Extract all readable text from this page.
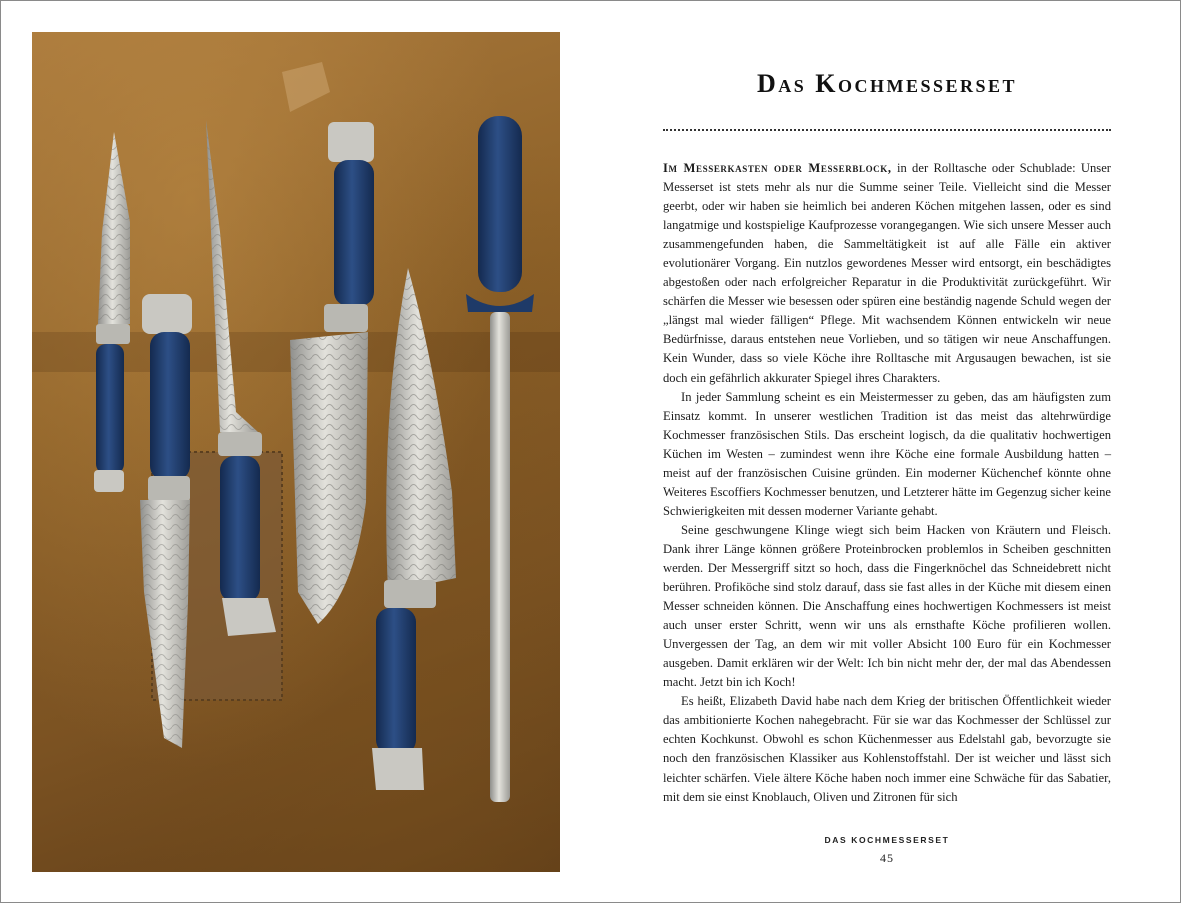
Das Kochmesserset

Im Messerkasten oder Messerblock, in der Rolltasche oder Schublade: Unser Messerset ist stets mehr als nur die Summe seiner Teile. Vielleicht sind die Messer geerbt, oder wir haben sie heimlich bei anderen Köchen mitgehen lassen, oder es sind langatmige und kostspielige Kaufprozesse vorangegangen. Wie sich unsere Messer auch zusammengefunden haben, die Sammeltätigkeit ist auf alle Fälle ein aktiver evolutionärer Vorgang. Ein nutzlos gewordenes Messer wird entsorgt, ein beschädigtes abgestoßen oder nach erfolgreicher Reparatur in die Produktivität zurückgeführt. Wir schärfen die Messer wie besessen oder spüren eine beständig nagende Schuld wegen der „längst mal wieder fälligen“ Pflege. Mit wachsendem Können entwickeln wir neue Bedürfnisse, daraus entstehen neue Vorlieben, und so tätigen wir neue Anschaffungen. Kein Wunder, dass so viele Köche ihre Rolltasche mit Argusaugen bewachen, ist sie doch ein gefährlich akkurater Spiegel ihres Charakters.

In jeder Sammlung scheint es ein Meistermesser zu geben, das am häufigsten zum Einsatz kommt. In unserer westlichen Tradition ist das meist das altehrwürdige Kochmesser französischen Stils. Das erscheint logisch, da die qualitativ hochwertigen Küchen im Westen – zumindest wenn ihre Köche eine formale Ausbildung hatten – meist auf der französischen Cuisine gründen. Ein moderner Küchenchef könnte ohne Weiteres Escoffiers Kochmesser benutzen, und Letzterer hätte im Gegenzug sicher keine Schwierigkeiten mit dessen moderner Variante gehabt.

Seine geschwungene Klinge wiegt sich beim Hacken von Kräutern und Fleisch. Dank ihrer Länge können größere Proteinbrocken problemlos in Scheiben geschnitten werden. Der Messergriff sitzt so hoch, dass die Fingerknöchel das Schneidebrett nicht berühren. Profiköche sind stolz darauf, dass sie fast alles in der Küche mit diesem einen Messer schneiden können. Die Anschaffung eines hochwertigen Kochmessers ist meist auch unser erster Schritt, wenn wir uns als ernsthafte Köche profilieren wollen. Unvergessen der Tag, an dem wir mit voller Absicht 100 Euro für ein Kochmesser ausgeben. Damit erklären wir der Welt: Ich bin nicht mehr der, der mal das Abendessen macht. Jetzt bin ich Koch!

Es heißt, Elizabeth David habe nach dem Krieg der britischen Öffentlichkeit wieder das ambitionierte Kochen nahegebracht. Für sie war das Kochmesser der Schlüssel zur echten Kochkunst. Obwohl es schon Küchenmesser aus Edelstahl gab, bevorzugte sie noch den französischen Klassiker aus Kohlenstoffstahl. Der ist weicher und lässt sich leichter schärfen. Viele ältere Köche haben noch immer eine Schwäche für das Sabatier, mit dem sie einst Knoblauch, Oliven und Zitronen für sich

DAS KOCHMESSERSET
45
